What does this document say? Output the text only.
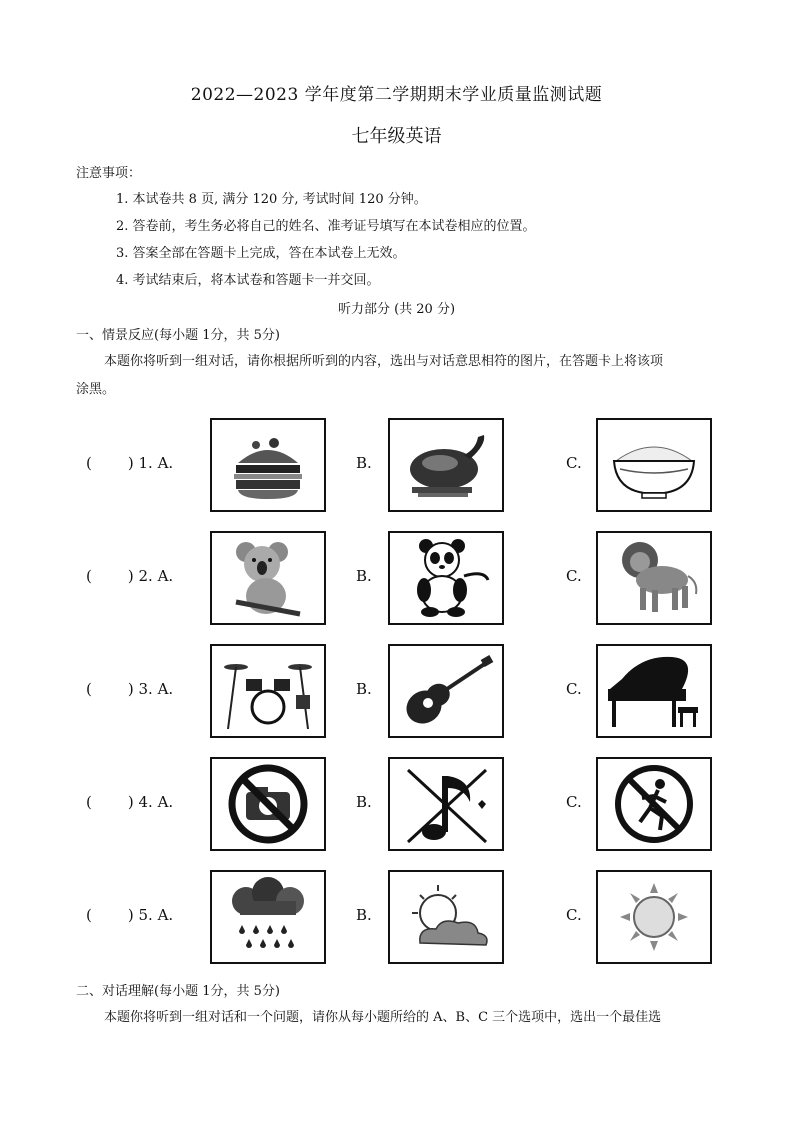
2022—2023 学年度第二学期期末学业质量监测试题
七年级英语
注意事项：
1. 本试卷共 8 页, 满分 120 分, 考试时间 120 分钟。
2. 答卷前，考生务必将自己的姓名、准考证号填写在本试卷相应的位置。
3. 答案全部在答题卡上完成，答在本试卷上无效。
4. 考试结束后，将本试卷和答题卡一并交回。
听力部分 (共 20 分)
一、情景反应(每小题 1分，共 5分)
本题你将听到一组对话，请你根据所听到的内容，选出与对话意思相符的图片，在答题卡上将该项
涂黑。
( ) 1. A.	B.	C.
( ) 2. A.	B.	C.
( ) 3. A.	B.	C.
( ) 4. A.	B.	C.
( ) 5. A.	B.	C.
二、对话理解(每小题 1分，共 5分)
本题你将听到一组对话和一个问题，请你从每小题所给的 A、B、C 三个选项中，选出一个最佳选
